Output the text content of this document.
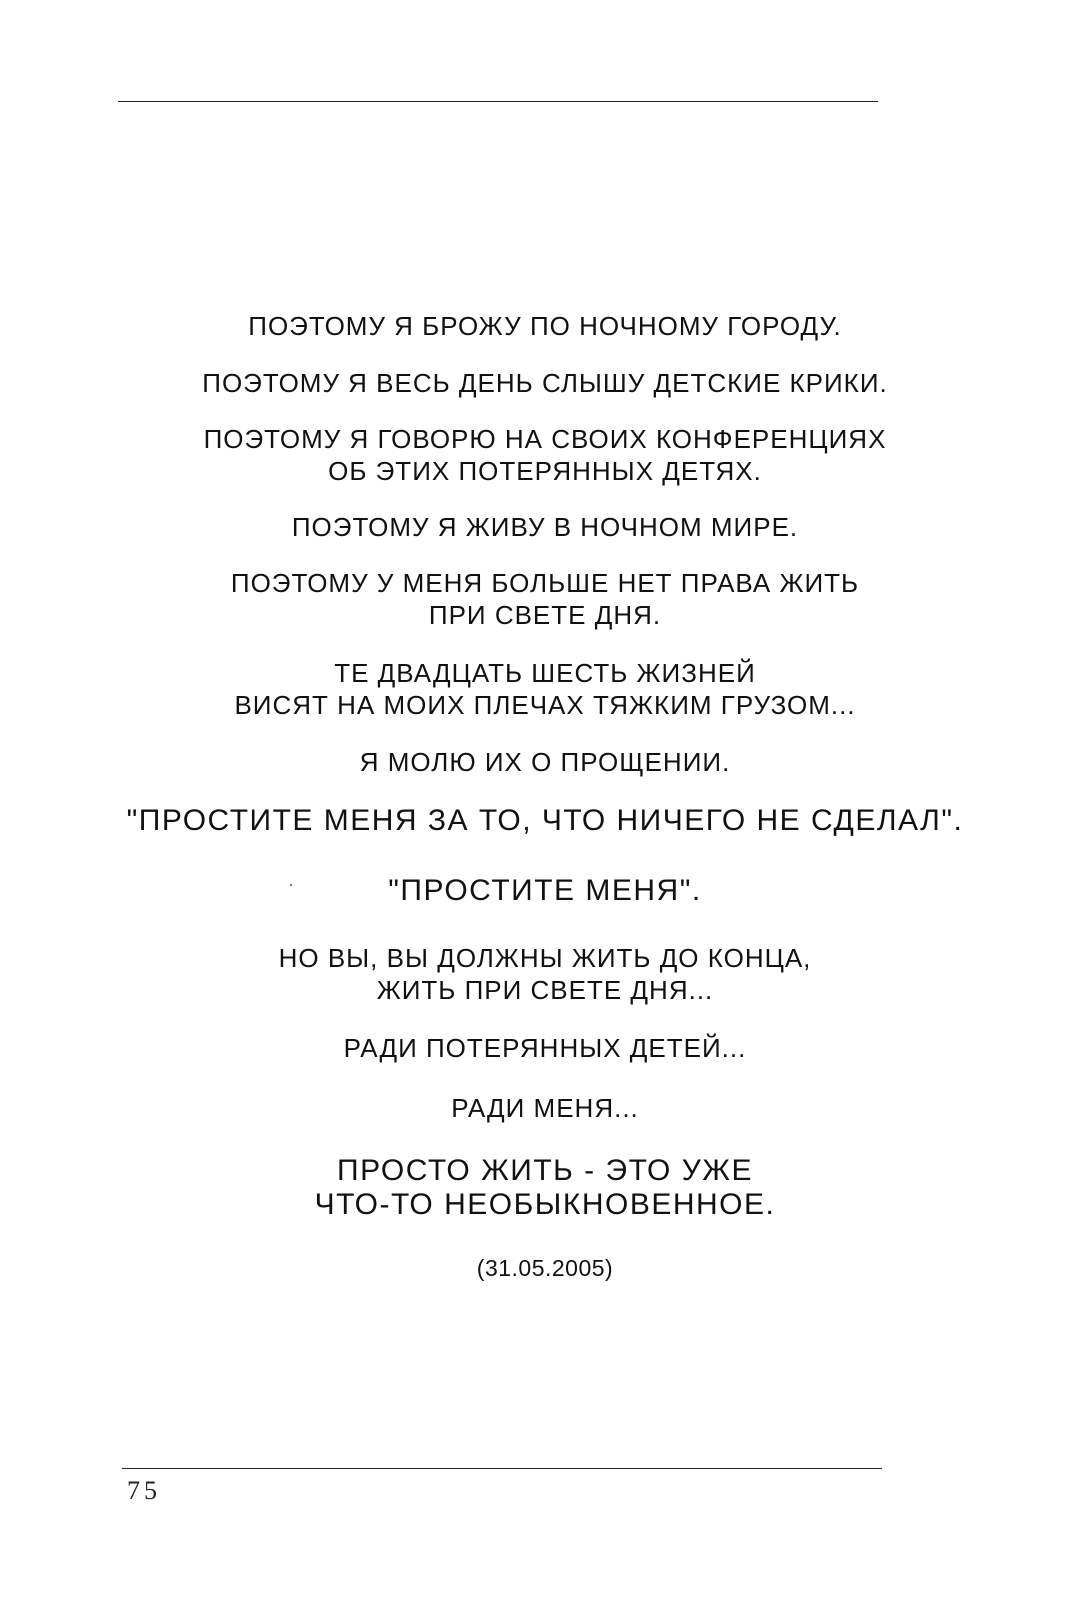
ПОЭТОМУ Я БРОЖУ ПО НОЧНОМУ ГОРОДУ.
ПОЭТОМУ Я ВЕСЬ ДЕНЬ СЛЫШУ ДЕТСКИЕ КРИКИ.
ПОЭТОМУ Я ГОВОРЮ НА СВОИХ КОНФЕРЕНЦИЯХ
ОБ ЭТИХ ПОТЕРЯННЫХ ДЕТЯХ.
ПОЭТОМУ Я ЖИВУ В НОЧНОМ МИРЕ.
ПОЭТОМУ У МЕНЯ БОЛЬШЕ НЕТ ПРАВА ЖИТЬ
ПРИ СВЕТЕ ДНЯ.
ТЕ ДВАДЦАТЬ ШЕСТЬ ЖИЗНЕЙ
ВИСЯТ НА МОИХ ПЛЕЧАХ ТЯЖКИМ ГРУЗОМ...
Я МОЛЮ ИХ О ПРОЩЕНИИ.
"ПРОСТИТЕ МЕНЯ ЗА ТО, ЧТО НИЧЕГО НЕ СДЕЛАЛ".
"ПРОСТИТЕ МЕНЯ".
НО ВЫ, ВЫ ДОЛЖНЫ ЖИТЬ ДО КОНЦА,
ЖИТЬ ПРИ СВЕТЕ ДНЯ...
РАДИ ПОТЕРЯННЫХ ДЕТЕЙ...
РАДИ МЕНЯ...
ПРОСТО ЖИТЬ - ЭТО УЖЕ
ЧТО-ТО НЕОБЫКНОВЕННОЕ.
(31.05.2005)
75
